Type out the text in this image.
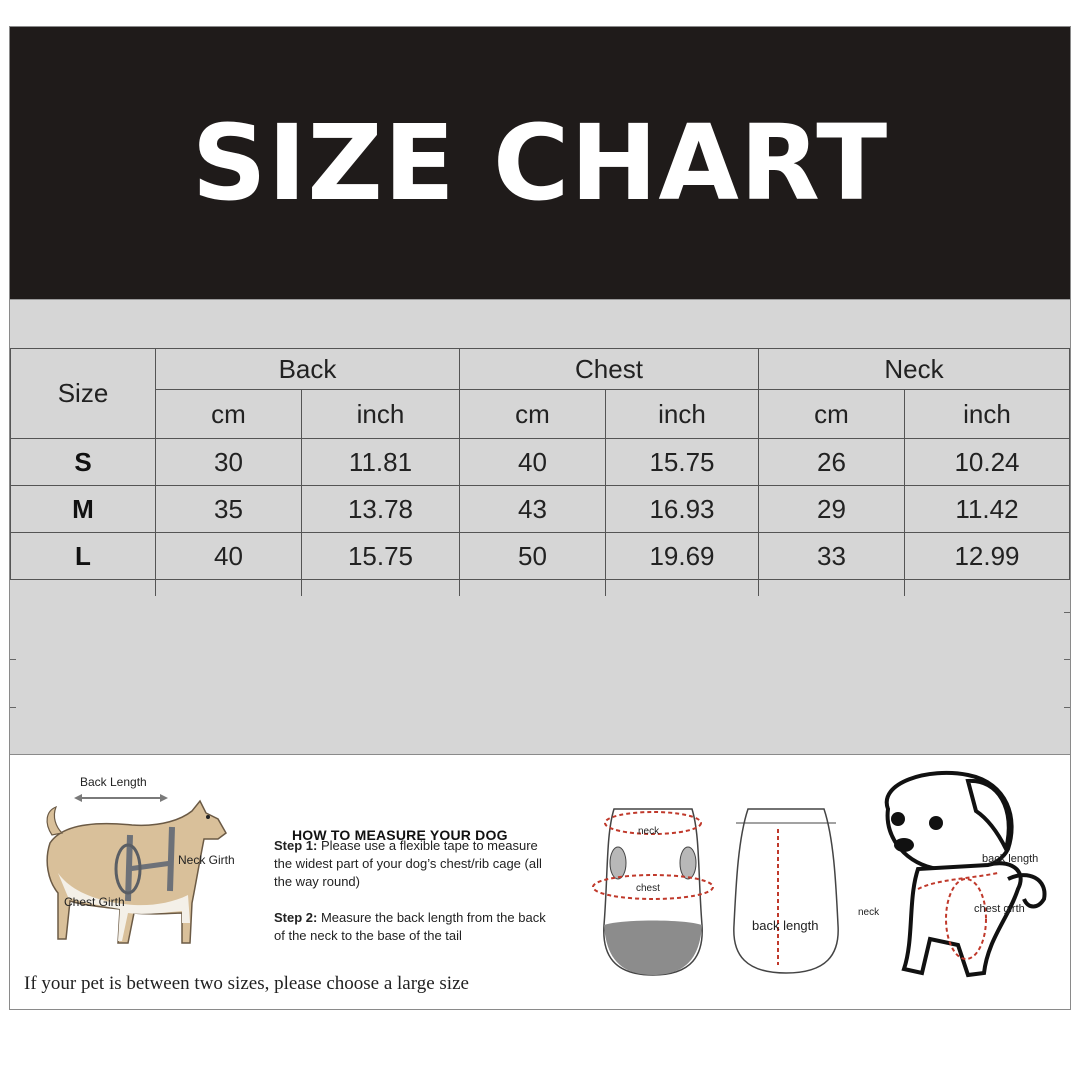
SIZE CHART
Size	Back		Chest		Neck	
	cm	inch	cm	inch	cm	inch
S	30	11.81	40	15.75	26	10.24
M	35	13.78	43	16.93	29	11.42
L	40	15.75	50	19.69	33	12.99
Back Length
Neck Girth
Chest Girth
HOW TO MEASURE YOUR DOG
Step 1: Please use a flexible tape to measure the widest part of your dog’s chest/rib cage (all the way round)
Step 2: Measure the back length from the back of the neck to the base of the tail
neck
chest
back length
back length
neck	chest girth
If your pet is between two sizes, please choose a large size
